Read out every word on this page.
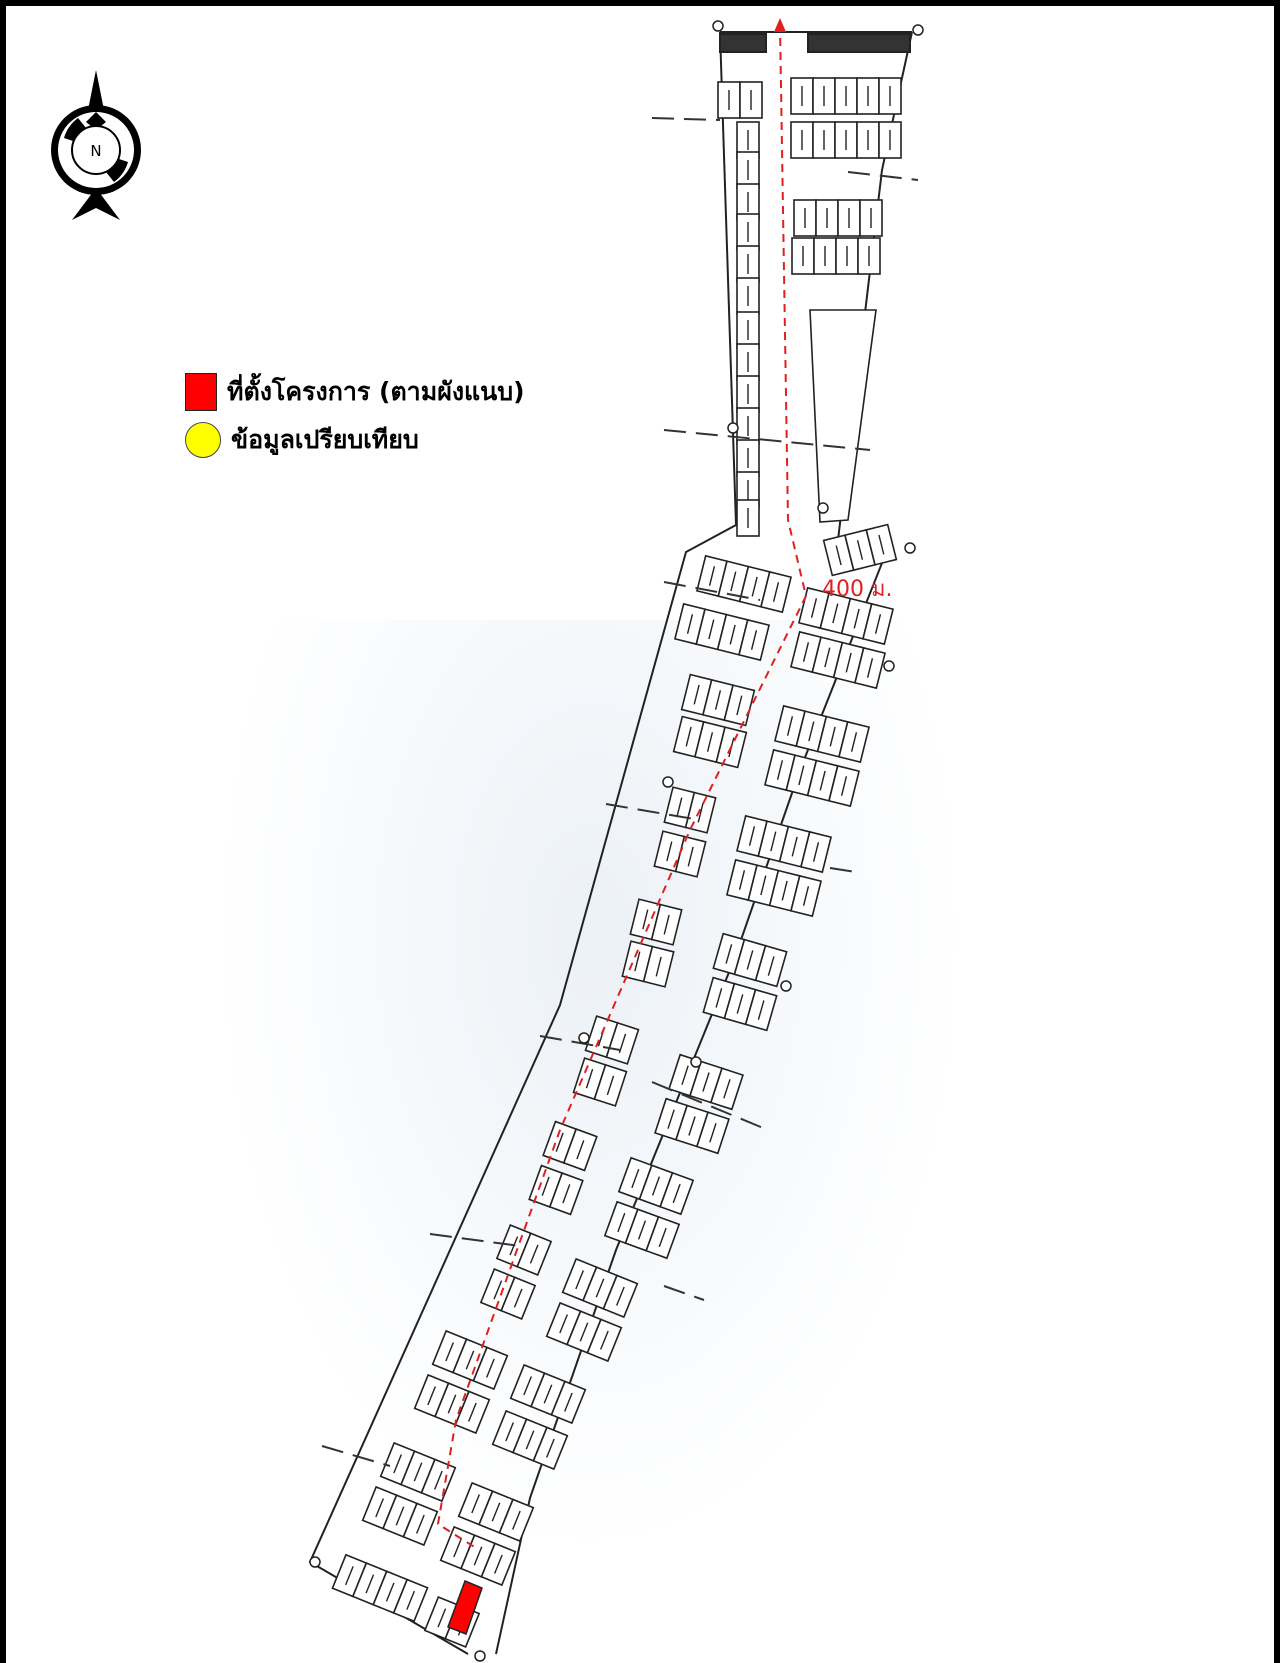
400 ม.
N
ที่ตั้งโครงการ (ตามผังแนบ)
ข้อมูลเปรียบเทียบ
